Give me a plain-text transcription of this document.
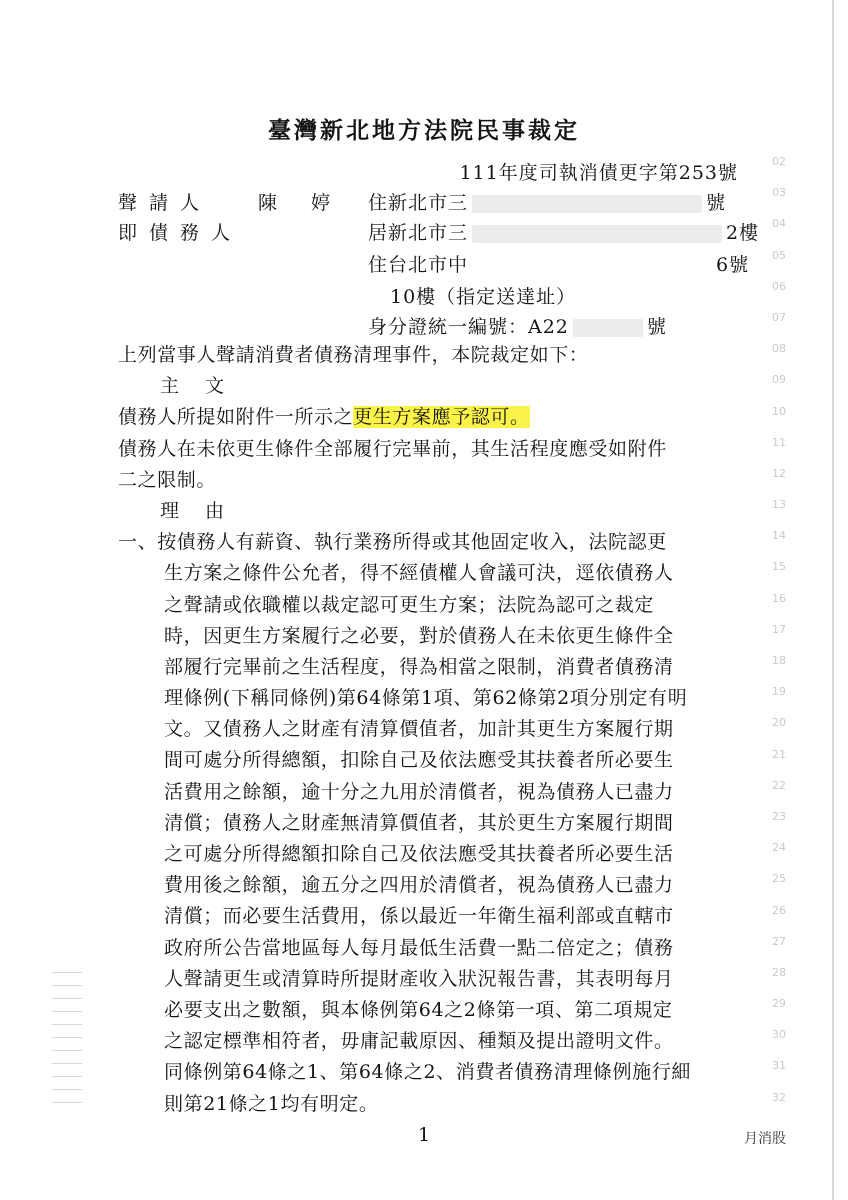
臺灣新北地方法院民事裁定
111年度司執消債更字第253號
聲請人 陳 婷 住新北市三	號
即債務人	居新北市三	2樓
住台北市中	6號
10樓（指定送達址）
身分證統一編號：A22	號
上列當事人聲請消費者債務清理事件，本院裁定如下：
主 文
債務人所提如附件一所示之更生方案應予認可。
債務人在未依更生條件全部履行完畢前，其生活程度應受如附件
二之限制。
理 由
一、按債務人有薪資、執行業務所得或其他固定收入，法院認更
生方案之條件公允者，得不經債權人會議可決，逕依債務人
之聲請或依職權以裁定認可更生方案；法院為認可之裁定
時，因更生方案履行之必要，對於債務人在未依更生條件全
部履行完畢前之生活程度，得為相當之限制，消費者債務清
理條例(下稱同條例)第64條第1項、第62條第2項分別定有明
文。又債務人之財產有清算價值者，加計其更生方案履行期
間可處分所得總額，扣除自己及依法應受其扶養者所必要生
活費用之餘額，逾十分之九用於清償者，視為債務人已盡力
清償；債務人之財產無清算價值者，其於更生方案履行期間
之可處分所得總額扣除自己及依法應受其扶養者所必要生活
費用後之餘額，逾五分之四用於清償者，視為債務人已盡力
清償；而必要生活費用，係以最近一年衛生福利部或直轄市
政府所公告當地區每人每月最低生活費一點二倍定之；債務
人聲請更生或清算時所提財產收入狀況報告書，其表明每月
必要支出之數額，與本條例第64之2條第一項、第二項規定
之認定標準相符者，毋庸記載原因、種類及提出證明文件。
同條例第64條之1、第64條之2、消費者債務清理條例施行細
則第21條之1均有明定。
02
03
04
05
06
07
08
09
10
11
12
13
14
15
16
17
18
19
20
21
22
23
24
25
26
27
28
29
30
31
32
1	月消股
